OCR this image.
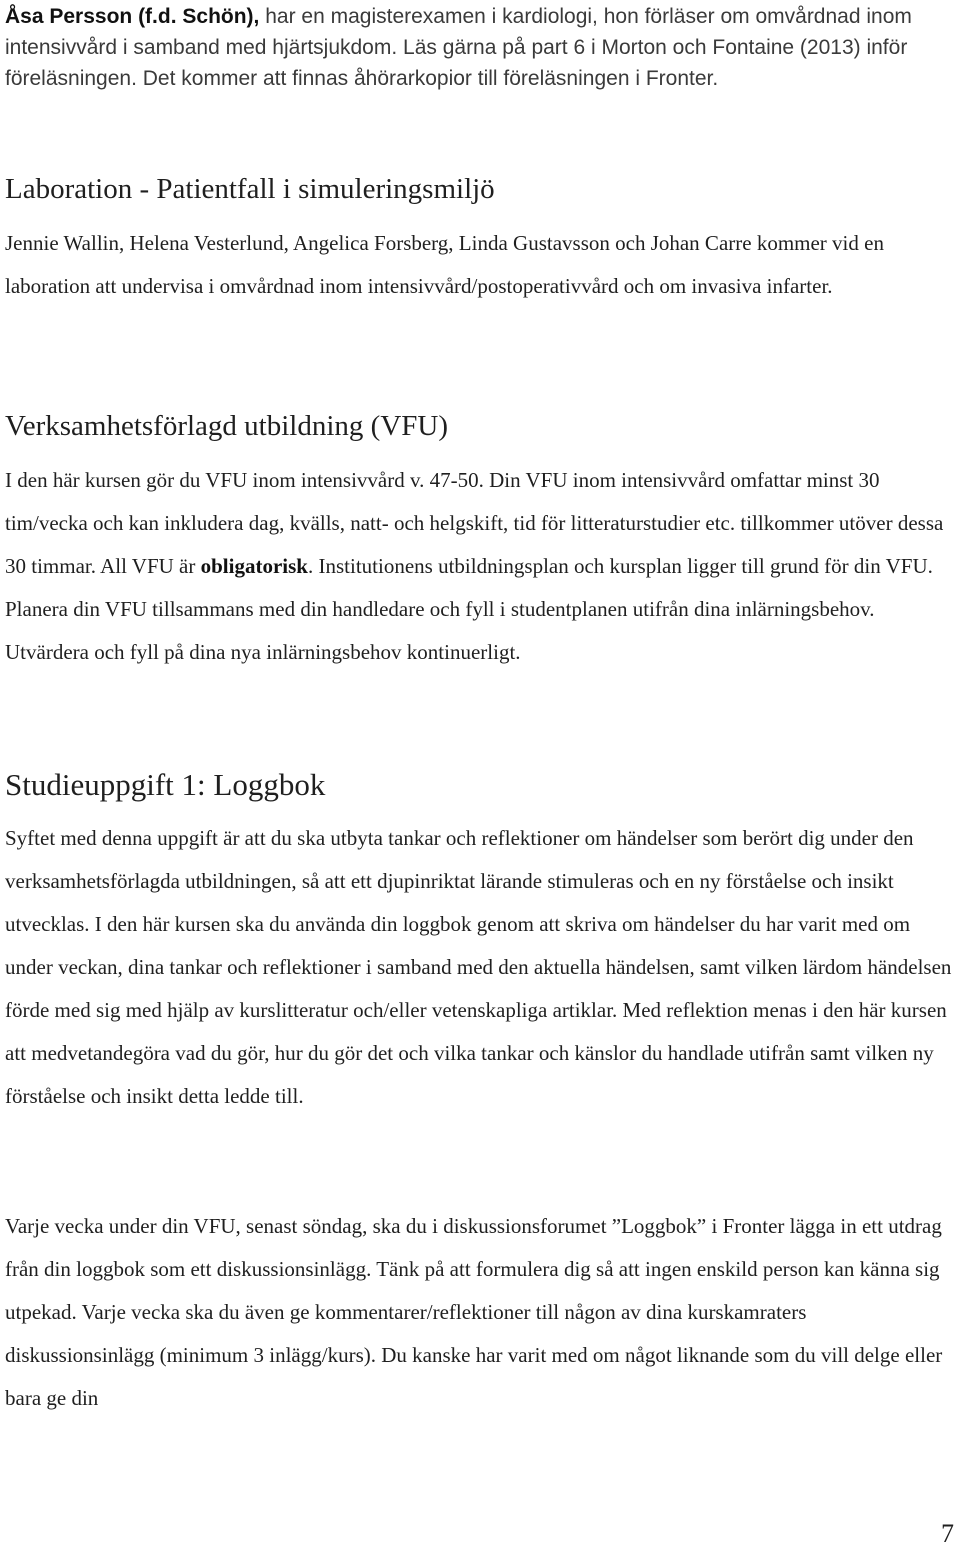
Åsa Persson (f.d. Schön), har en magisterexamen i kardiologi, hon förläser om omvårdnad inom intensivvård i samband med hjärtsjukdom. Läs gärna på part 6 i Morton och Fontaine (2013) inför föreläsningen. Det kommer att finnas åhörarkopior till föreläsningen i Fronter.

Laboration - Patientfall i simuleringsmiljö

Jennie Wallin, Helena Vesterlund, Angelica Forsberg, Linda Gustavsson och Johan Carre kommer vid en laboration att undervisa i omvårdnad inom intensivvård/postoperativvård och om invasiva infarter.

Verksamhetsförlagd utbildning (VFU)

I den här kursen gör du VFU inom intensivvård v. 47-50. Din VFU inom intensivvård omfattar minst 30 tim/vecka och kan inkludera dag, kvälls, natt- och helgskift, tid för litteraturstudier etc. tillkommer utöver dessa 30 timmar. All VFU är obligatorisk. Institutionens utbildningsplan och kursplan ligger till grund för din VFU. Planera din VFU tillsammans med din handledare och fyll i studentplanen utifrån dina inlärningsbehov. Utvärdera och fyll på dina nya inlärningsbehov kontinuerligt.

Studieuppgift 1: Loggbok

Syftet med denna uppgift är att du ska utbyta tankar och reflektioner om händelser som berört dig under den verksamhetsförlagda utbildningen, så att ett djupinriktat lärande stimuleras och en ny förståelse och insikt utvecklas. I den här kursen ska du använda din loggbok genom att skriva om händelser du har varit med om under veckan, dina tankar och reflektioner i samband med den aktuella händelsen, samt vilken lärdom händelsen förde med sig med hjälp av kurslitteratur och/eller vetenskapliga artiklar. Med reflektion menas i den här kursen att medvetandegöra vad du gör, hur du gör det och vilka tankar och känslor du handlade utifrån samt vilken ny förståelse och insikt detta ledde till.

Varje vecka under din VFU, senast söndag, ska du i diskussionsforumet ”Loggbok” i Fronter lägga in ett utdrag från din loggbok som ett diskussionsinlägg. Tänk på att formulera dig så att ingen enskild person kan känna sig utpekad. Varje vecka ska du även ge kommentarer/reflektioner till någon av dina kurskamraters diskussionsinlägg (minimum 3 inlägg/kurs). Du kanske har varit med om något liknande som du vill delge eller bara ge din

7
